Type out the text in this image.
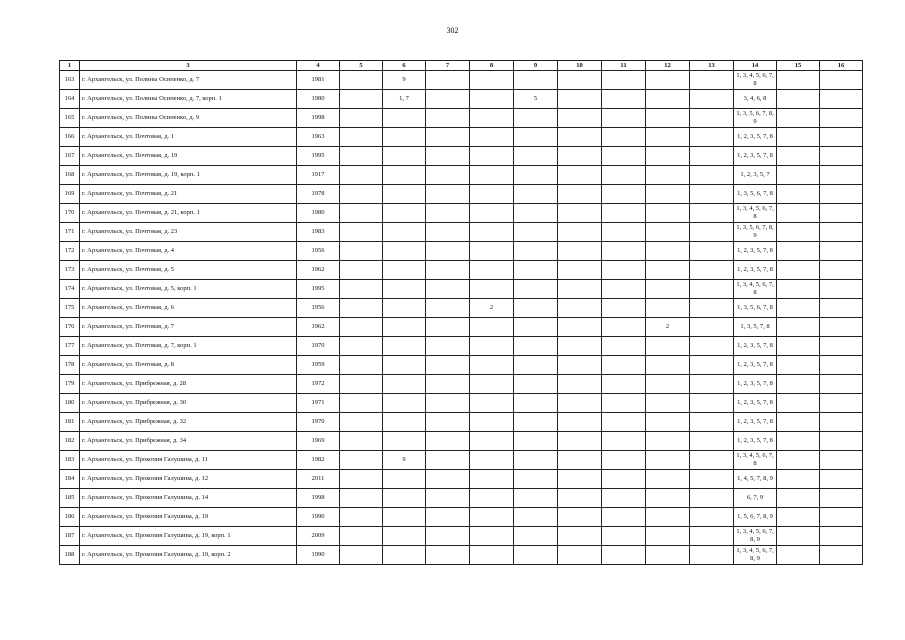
302
1	3	4	5	6	7	8	9	10	11	12	13	14	15	16
163	г. Архангельск, ул. Полины Осипенко, д. 7	1981		9								1, 3, 4, 5, 6, 7, 8		
164	г. Архангельск, ул. Полины Осипенко, д. 7, корп. 1	1980		1, 7			5					3, 4, 6, 8		
165	г. Архангельск, ул. Полины Осипенко, д. 9	1998										1, 3, 5, 6, 7, 8, 9		
166	г. Архангельск, ул. Почтовая, д. 1	1963										1, 2, 3, 5, 7, 8		
167	г. Архангельск, ул. Почтовая, д. 19	1995										1, 2, 3, 5, 7, 8		
168	г. Архангельск, ул. Почтовая, д. 19, корп. 1	1917										1, 2, 3, 5, 7		
169	г. Архангельск, ул. Почтовая, д. 21	1978										1, 3, 5, 6, 7, 8		
170	г. Архангельск, ул. Почтовая, д. 21, корп. 1	1980										1, 3, 4, 5, 6, 7, 8		
171	г. Архангельск, ул. Почтовая, д. 23	1983										1, 3, 5, 6, 7, 8, 9		
172	г. Архангельск, ул. Почтовая, д. 4	1956										1, 2, 3, 5, 7, 8		
173	г. Архангельск, ул. Почтовая, д. 5	1962										1, 2, 3, 5, 7, 8		
174	г. Архангельск, ул. Почтовая, д. 5, корп. 1	1995										1, 3, 4, 5, 6, 7, 8		
175	г. Архангельск, ул. Почтовая, д. 6	1956				2						1, 3, 5, 6, 7, 8		
176	г. Архангельск, ул. Почтовая, д. 7	1962								2		1, 3, 5, 7, 8		
177	г. Архангельск, ул. Почтовая, д. 7, корп. 1	1970										1, 2, 3, 5, 7, 8		
178	г. Архангельск, ул. Почтовая, д. 8	1959										1, 2, 3, 5, 7, 8		
179	г. Архангельск, ул. Прибрежная, д. 28	1972										1, 2, 3, 5, 7, 8		
180	г. Архангельск, ул. Прибрежная, д. 30	1971										1, 2, 3, 5, 7, 8		
181	г. Архангельск, ул. Прибрежная, д. 32	1970										1, 2, 3, 5, 7, 8		
182	г. Архангельск, ул. Прибрежная, д. 34	1969										1, 2, 3, 5, 7, 8		
183	г. Архангельск, ул. Прокопия Галушина, д. 11	1982		9								1, 3, 4, 5, 6, 7, 8		
184	г. Архангельск, ул. Прокопия Галушина, д. 12	2011										1, 4, 5, 7, 8, 9		
185	г. Архангельск, ул. Прокопия Галушина, д. 14	1998										6, 7, 9		
186	г. Архангельск, ул. Прокопия Галушина, д. 19	1990										1, 5, 6, 7, 8, 9		
187	г. Архангельск, ул. Прокопия Галушина, д. 19, корп. 1	2009										1, 3, 4, 5, 6, 7, 8, 9		
188	г. Архангельск, ул. Прокопия Галушина, д. 19, корп. 2	1990										1, 3, 4, 5, 6, 7, 8, 9		
